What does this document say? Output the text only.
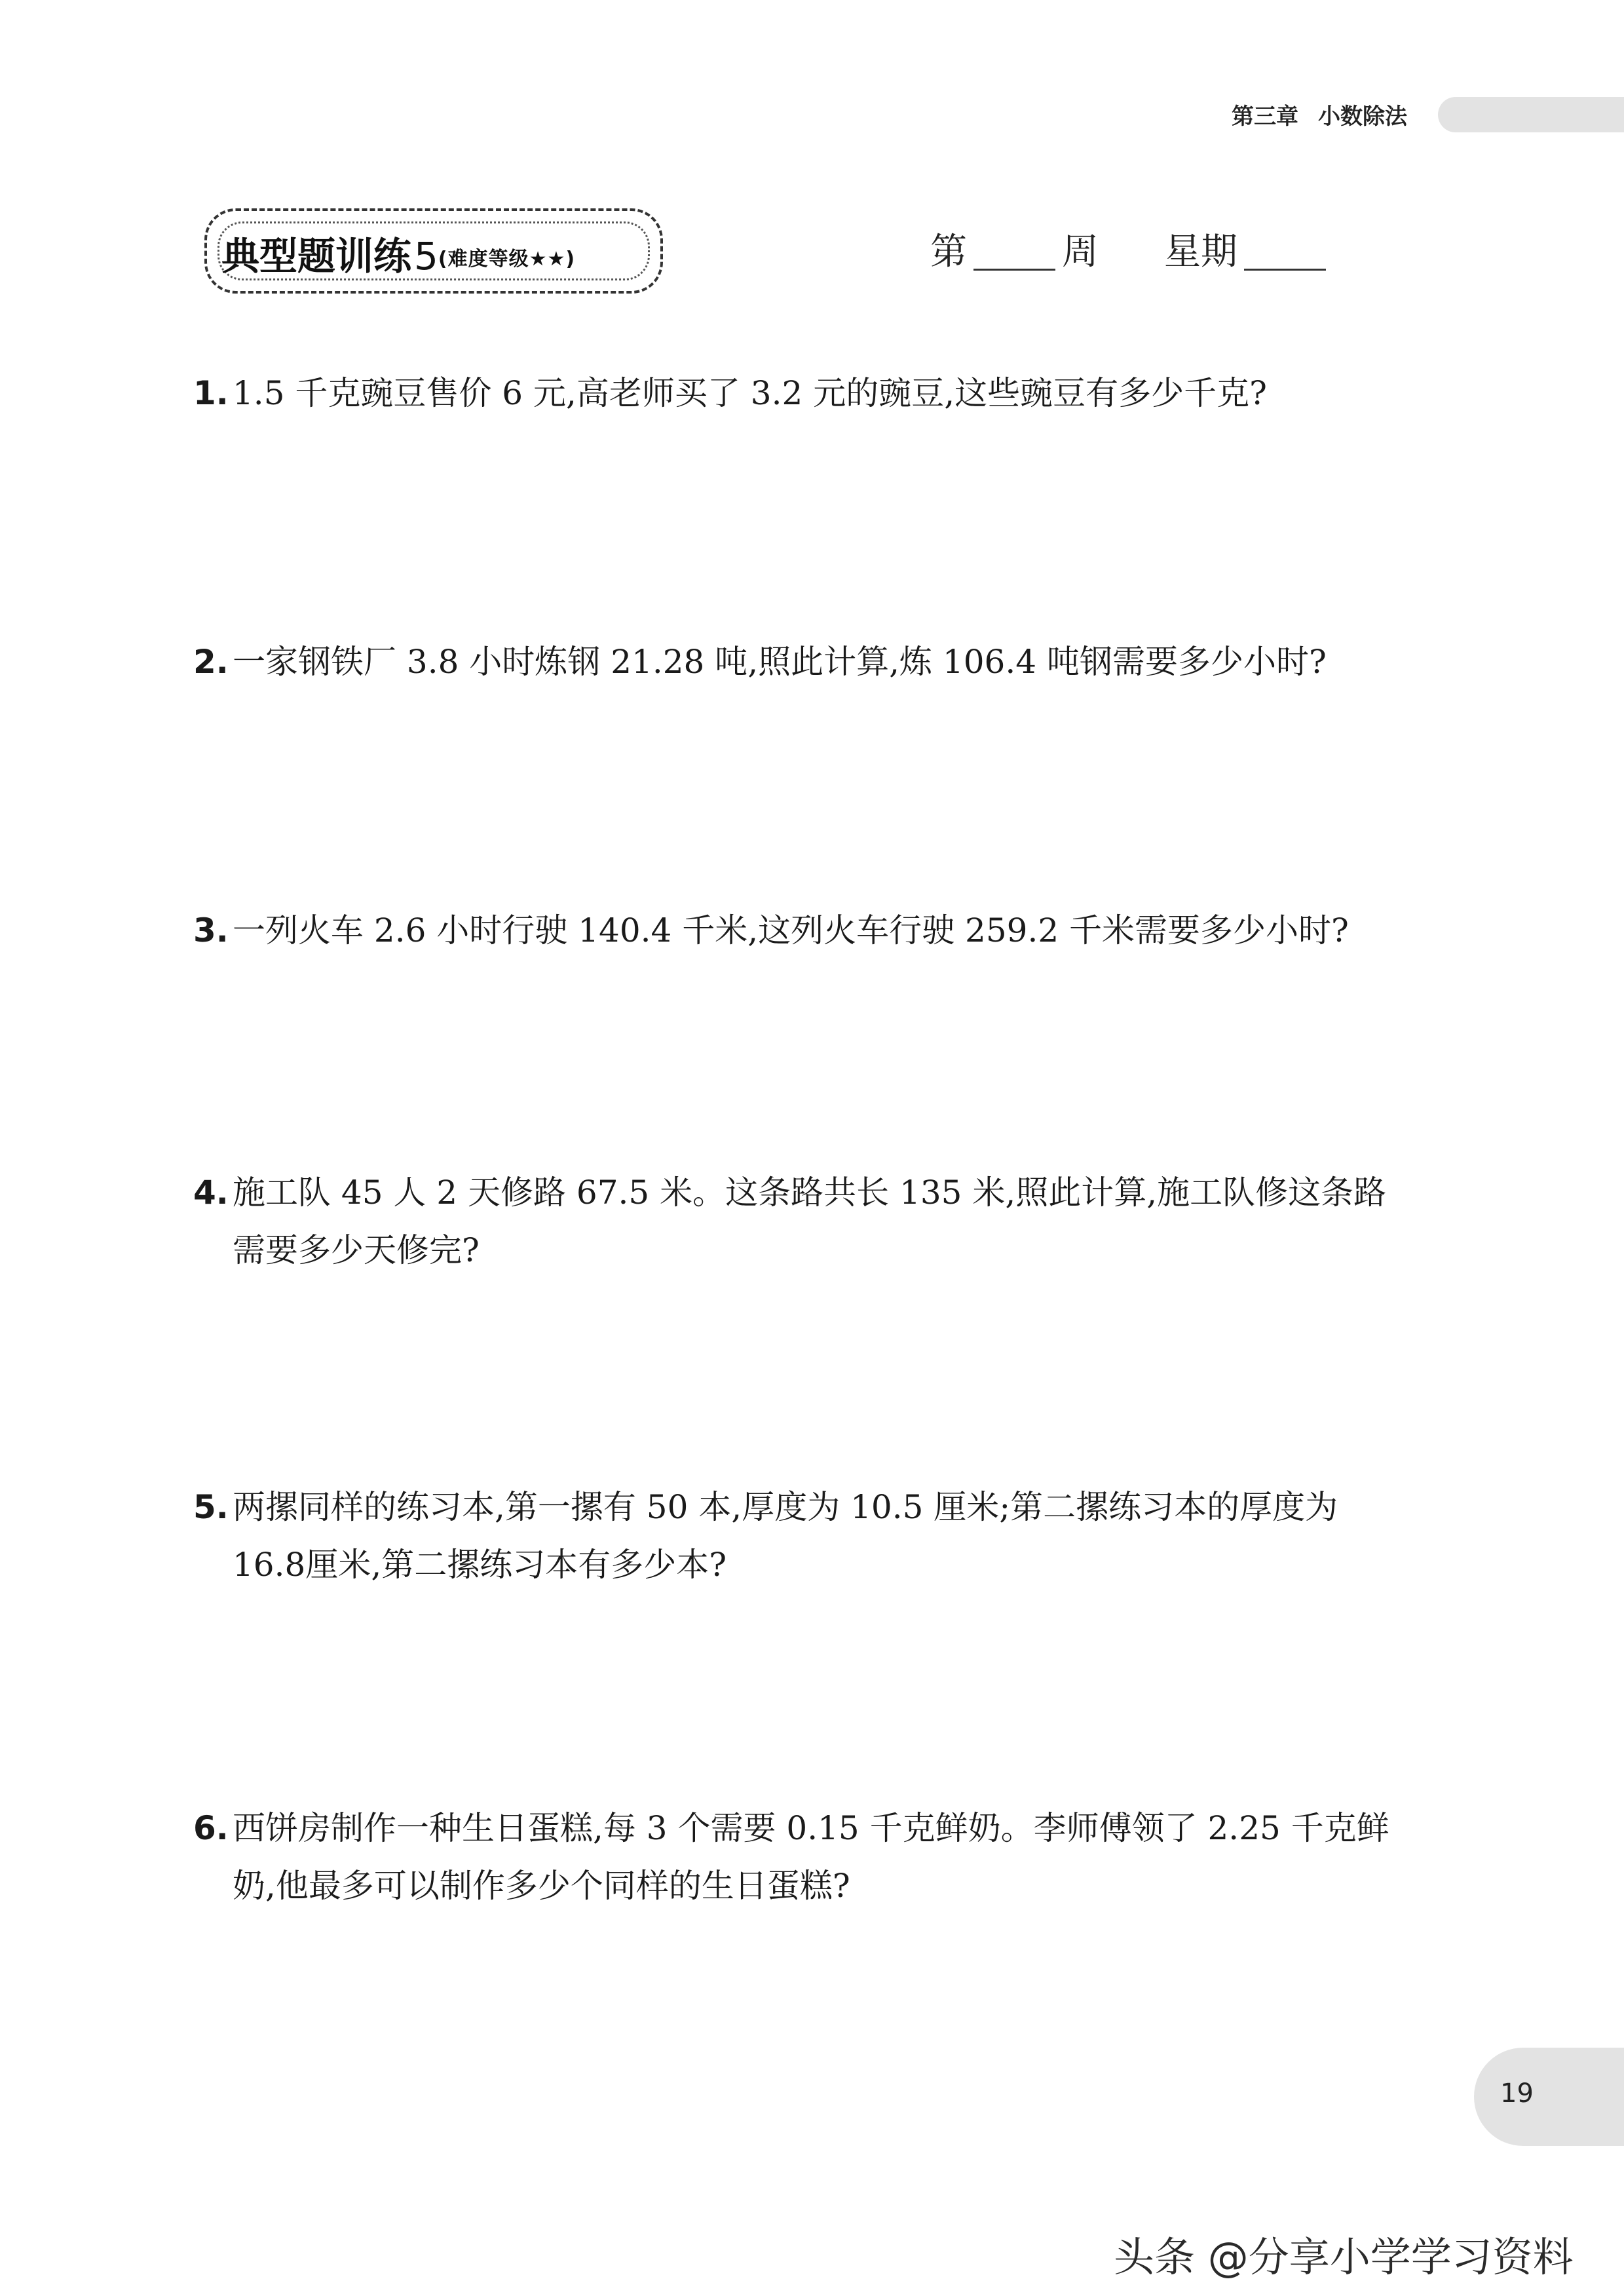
第三章 小数除法
典型题训练5(难度等级★★)	第	周 星期
1. 1.5 千克豌豆售价 6 元,高老师买了 3.2 元的豌豆,这些豌豆有多少千克?
2. 一家钢铁厂 3.8 小时炼钢 21.28 吨,照此计算,炼 106.4 吨钢需要多少小时?
3. 一列火车 2.6 小时行驶 140.4 千米,这列火车行驶 259.2 千米需要多少小时?
4. 施工队 45 人 2 天修路 67.5 米。这条路共长 135 米,照此计算,施工队修这条路
需要多少天修完?
5. 两摞同样的练习本,第一摞有 50 本,厚度为 10.5 厘米;第二摞练习本的厚度为
16.8厘米,第二摞练习本有多少本?
6. 西饼房制作一种生日蛋糕,每 3 个需要 0.15 千克鲜奶。李师傅领了 2.25 千克鲜
奶,他最多可以制作多少个同样的生日蛋糕?
19
头条 @分享小学学习资料
